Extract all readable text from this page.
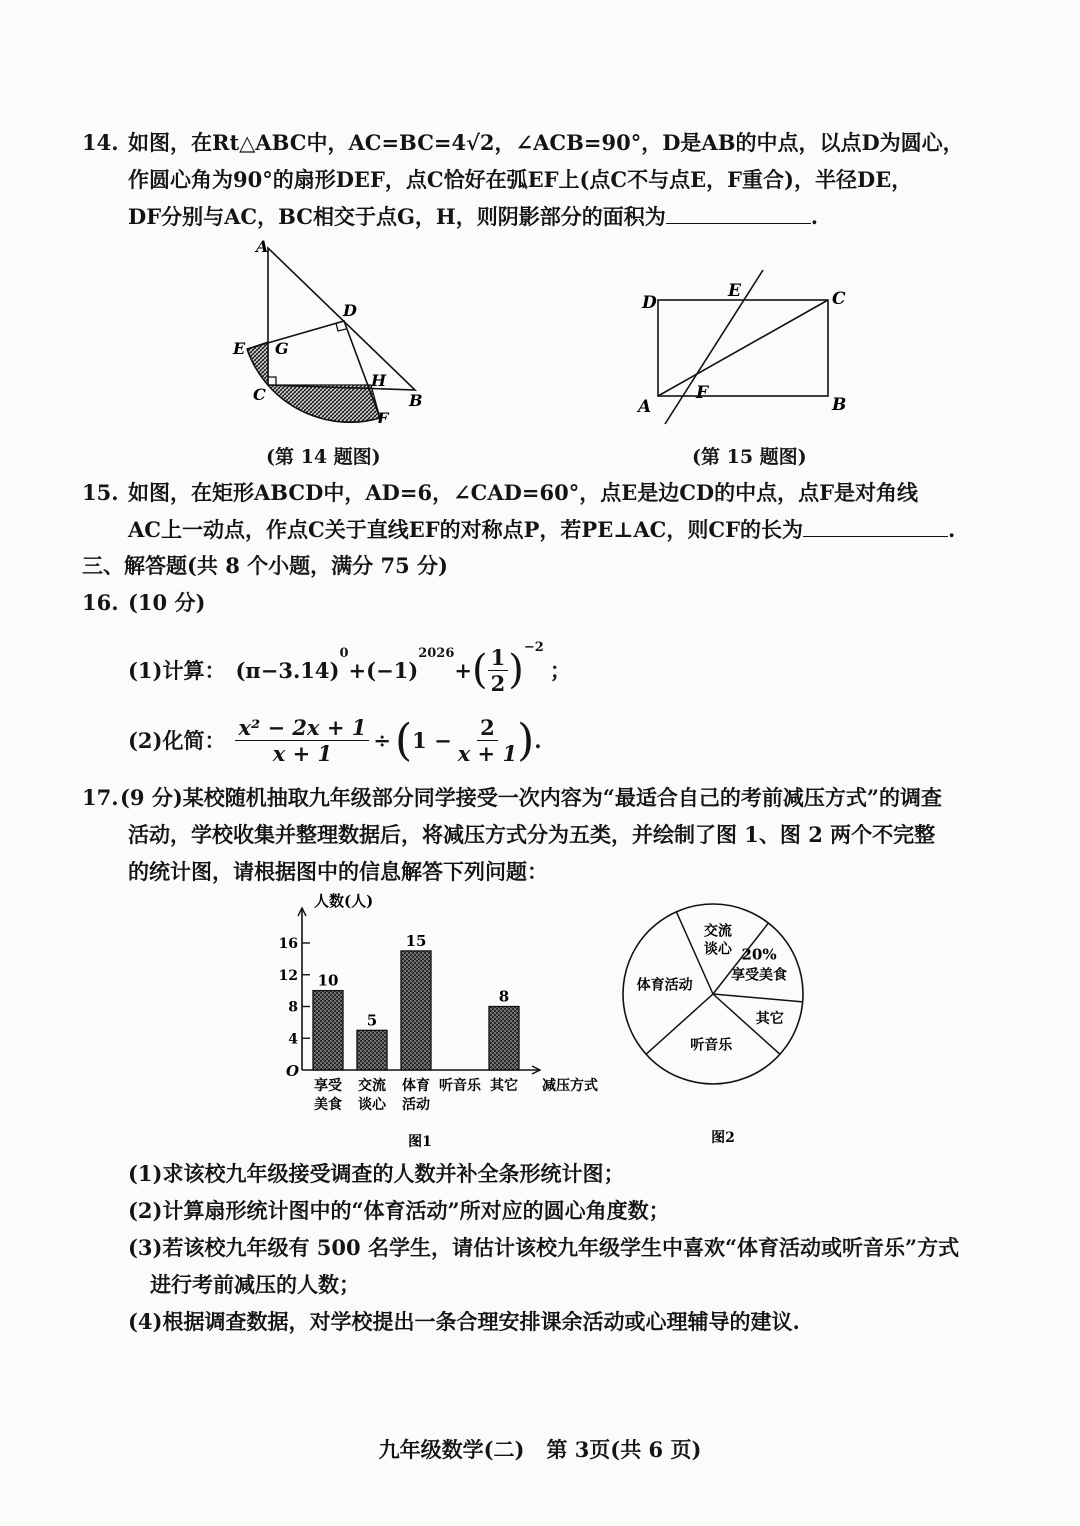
14. 如图，在Rt△ABC中，AC=BC=4√2，∠ACB=90°，D是AB的中点，以点D为圆心，
作圆心角为90°的扇形DEF，点C恰好在弧EF上(点C不与点E，F重合)，半径DE，
DF分别与AC，BC相交于点G，H，则阴影部分的面积为	.
A
D
E G
C
H
B
F
D
E	C
A
F
B
(第 14 题图)	(第 15 题图)
15. 如图，在矩形ABCD中，AD=6，∠CAD=60°，点E是边CD的中点，点F是对角线
AC上一动点，作点C关于直线EF的对称点P，若PE⊥AC，则CF的长为	.
三、解答题(共 8 个小题，满分 75 分)
16. (10 分)
(1)计算： (π−3.14)
$^0$
+(−1)
$^{2026}$
+ ( $\frac{1}{2} )^{-2}$
；
(2)化简： $\frac{\text{x² − 2x + 1}}{x + 1}$ ÷ ( $1 - \frac{2}{x + 1}$ ) .
17. (9 分)某校随机抽取九年级部分同学接受一次内容为“最适合自己的考前减压方式”的调查
活动，学校收集并整理数据后，将减压方式分为五类，并绘制了图 1、图 2 两个不完整
的统计图，请根据图中的信息解答下列问题：
人数(人)
O
减压方式
4
8
12
16
10
享受
美食
5
交流
谈心
15
体育
活动
听音乐
8
其它
图1
交流
谈心
享受美食
其它
听音乐
体育活动
20%
图2
(1)求该校九年级接受调查的人数并补全条形统计图；
(2)计算扇形统计图中的“体育活动”所对应的圆心角度数；
(3)若该校九年级有 500 名学生，请估计该校九年级学生中喜欢“体育活动或听音乐”方式
进行考前减压的人数；
(4)根据调查数据，对学校提出一条合理安排课余活动或心理辅导的建议.
九年级数学(二)   第 3页(共 6 页)
